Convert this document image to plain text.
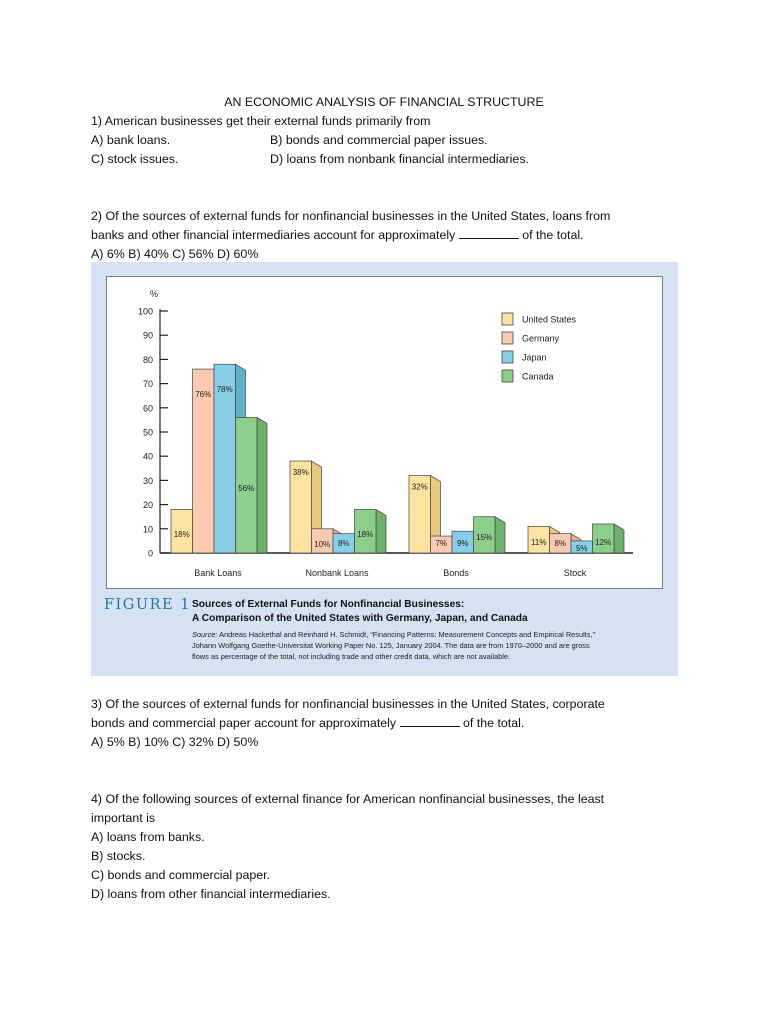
AN ECONOMIC ANALYSIS OF FINANCIAL STRUCTURE
1) American businesses get their external funds primarily from
A) bank loans.	B) bonds and commercial paper issues.
C) stock issues.	D) loans from nonbank financial intermediaries.
2) Of the sources of external funds for nonfinancial businesses in the United States, loans from
banks and other financial intermediaries account for approximately	of the total.
A) 6% B) 40% C) 56% D) 60%
0
10
20
30
40
50
60
70
80
90
100
%
18%
76%
78%
56%
Bank Loans
38%
10% 8%
18%
Nonbank Loans
32%
7% 9%
15%
Bonds
11% 8%
5%
12%
Stock
United States
Germany
Japan
Canada
FIGURE 1 Sources of External Funds for Nonfinancial Businesses:
A Comparison of the United States with Germany, Japan, and Canada
Source: Andreas Hackethal and Reinhard H. Schmidt, “Financing Patterns: Measurement Concepts and Empirical Results,”
Johann Wolfgang Goethe-Universitat Working Paper No. 125, January 2004. The data are from 1970–2000 and are gross
flows as percentage of the total, not including trade and other credit data, which are not available.
3) Of the sources of external funds for nonfinancial businesses in the United States, corporate
bonds and commercial paper account for approximately	of the total.
A) 5% B) 10% C) 32% D) 50%
4) Of the following sources of external finance for American nonfinancial businesses, the least
important is
A) loans from banks.
B) stocks.
C) bonds and commercial paper.
D) loans from other financial intermediaries.
